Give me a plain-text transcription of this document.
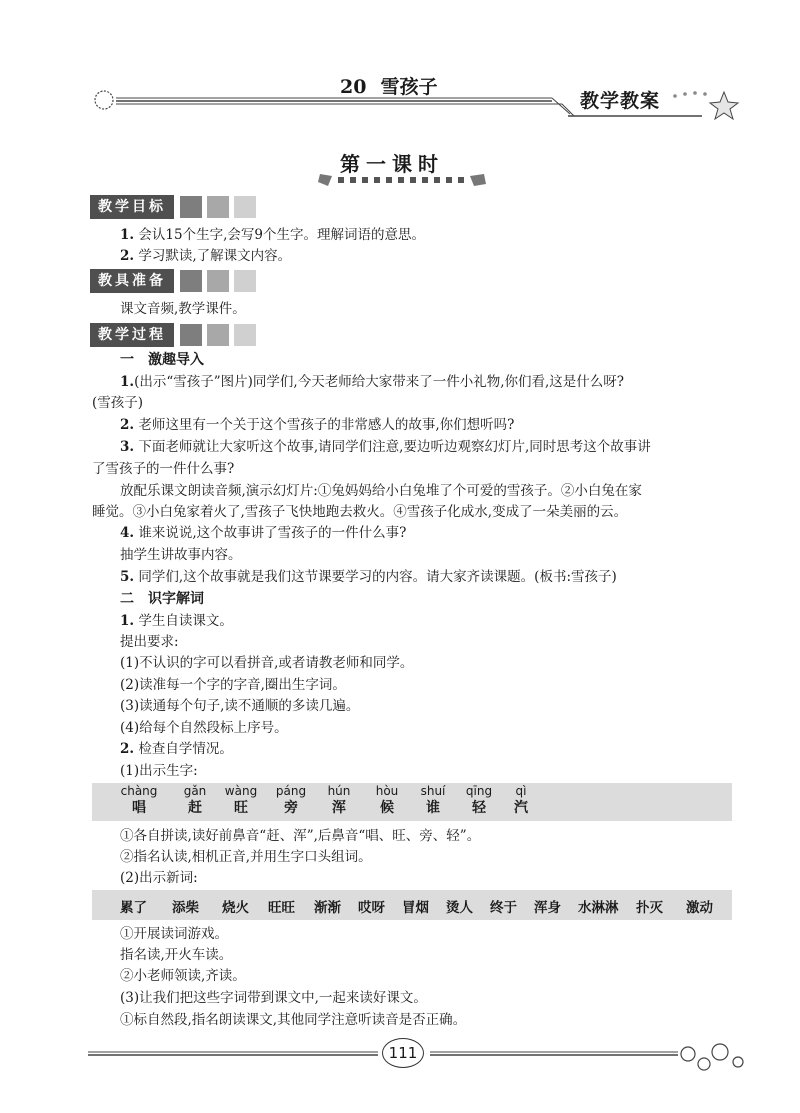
20 雪孩子
教学教案
第一课时
教学目标
1. 会认15个生字,会写9个生字。理解词语的意思。
2. 学习默读,了解课文内容。
教具准备
课文音频,教学课件。
教学过程
一　激趣导入
1.(出示“雪孩子”图片)同学们,今天老师给大家带来了一件小礼物,你们看,这是什么呀?
(雪孩子)
2. 老师这里有一个关于这个雪孩子的非常感人的故事,你们想听吗?
3. 下面老师就让大家听这个故事,请同学们注意,要边听边观察幻灯片,同时思考这个故事讲
了雪孩子的一件什么事?
放配乐课文朗读音频,演示幻灯片:①兔妈妈给小白兔堆了个可爱的雪孩子。②小白兔在家
睡觉。③小白兔家着火了,雪孩子飞快地跑去救火。④雪孩子化成水,变成了一朵美丽的云。
4. 谁来说说,这个故事讲了雪孩子的一件什么事?
抽学生讲故事内容。
5. 同学们,这个故事就是我们这节课要学习的内容。请大家齐读课题。(板书:雪孩子)
二　识字解词
1. 学生自读课文。
提出要求:
(1)不认识的字可以看拼音,或者请教老师和同学。
(2)读准每一个字的字音,圈出生字词。
(3)读通每个句子,读不通顺的多读几遍。
(4)给每个自然段标上序号。
2. 检查自学情况。
(1)出示生字:
chàng
唱
gǎn
赶
wàng
旺
páng
旁
hún
浑
hòu
候
shuí
谁
qīng
轻
qì
汽
①各自拼读,读好前鼻音“赶、浑”,后鼻音“唱、旺、旁、轻”。
②指名认读,相机正音,并用生字口头组词。
(2)出示新词:
累了 添柴 烧火 旺旺 渐渐 哎呀 冒烟 烫人 终于 浑身 水淋淋 扑灭 激动
①开展读词游戏。
指名读,开火车读。
②小老师领读,齐读。
(3)让我们把这些字词带到课文中,一起来读好课文。
①标自然段,指名朗读课文,其他同学注意听读音是否正确。
111
